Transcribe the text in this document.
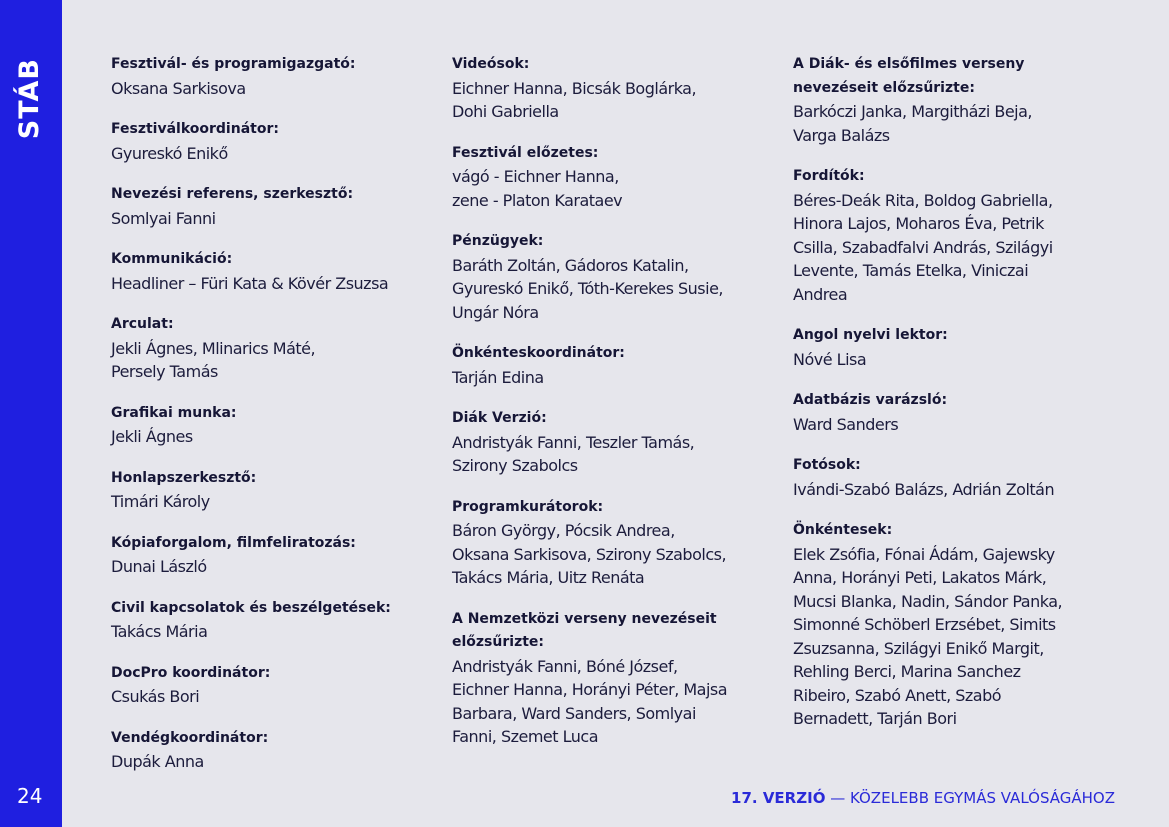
STÁB
24
Fesztivál- és programigazgató:
Oksana Sarkisova
Fesztiválkoordinátor:
Gyureskó Enikő
Nevezési referens, szerkesztő:
Somlyai Fanni
Kommunikáció:
Headliner – Füri Kata & Kövér Zsuzsa
Arculat:
Jekli Ágnes, Mlinarics Máté,
Persely Tamás
Grafikai munka:
Jekli Ágnes
Honlapszerkesztő:
Timári Károly
Kópiaforgalom, filmfeliratozás:
Dunai László
Civil kapcsolatok és beszélgetések:
Takács Mária
DocPro koordinátor:
Csukás Bori
Vendégkoordinátor:
Dupák Anna
Videósok:
Eichner Hanna, Bicsák Boglárka,
Dohi Gabriella
Fesztivál előzetes:
vágó - Eichner Hanna,
zene - Platon Karataev
Pénzügyek:
Baráth Zoltán, Gádoros Katalin,
Gyureskó Enikő, Tóth-Kerekes Susie,
Ungár Nóra
Önkénteskoordinátor:
Tarján Edina
Diák Verzió:
Andristyák Fanni, Teszler Tamás,
Szirony Szabolcs
Programkurátorok:
Báron György, Pócsik Andrea,
Oksana Sarkisova, Szirony Szabolcs,
Takács Mária, Uitz Renáta
A Nemzetközi verseny nevezéseit
előzsűrizte:
Andristyák Fanni, Bóné József,
Eichner Hanna, Horányi Péter, Majsa
Barbara, Ward Sanders, Somlyai
Fanni, Szemet Luca
A Diák- és elsőfilmes verseny
nevezéseit előzsűrizte:
Barkóczi Janka, Margitházi Beja,
Varga Balázs
Fordítók:
Béres-Deák Rita, Boldog Gabriella,
Hinora Lajos, Moharos Éva, Petrik
Csilla, Szabadfalvi András, Szilágyi
Levente, Tamás Etelka, Viniczai
Andrea
Angol nyelvi lektor:
Nóvé Lisa
Adatbázis varázsló:
Ward Sanders
Fotósok:
Ivándi-Szabó Balázs, Adrián Zoltán
Önkéntesek:
Elek Zsófia, Fónai Ádám, Gajewsky
Anna, Horányi Peti, Lakatos Márk,
Mucsi Blanka, Nadin, Sándor Panka,
Simonné Schöberl Erzsébet, Simits
Zsuzsanna, Szilágyi Enikő Margit,
Rehling Berci, Marina Sanchez
Ribeiro, Szabó Anett, Szabó
Bernadett, Tarján Bori
17. VERZIÓ — KÖZELEBB EGYMÁS VALÓSÁGÁHOZ
